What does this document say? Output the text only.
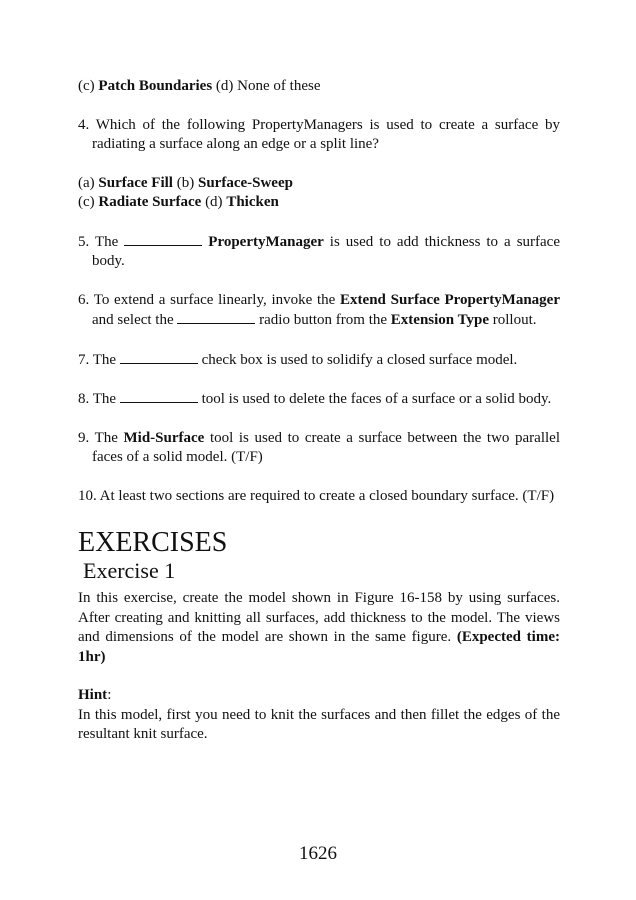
(c) Patch Boundaries (d) None of these

4. Which of the following PropertyManagers is used to create a surface by radiating a surface along an edge or a split line?

(a) Surface Fill (b) Surface-Sweep

(c) Radiate Surface (d) Thicken

5. The	PropertyManager is used to add thickness to a surface body.

6. To extend a surface linearly, invoke the Extend Surface PropertyManager and select the	radio button from the Extension Type rollout.

7. The	check box is used to solidify a closed surface model.

8. The	tool is used to delete the faces of a surface or a solid body.

9. The Mid-Surface tool is used to create a surface between the two parallel faces of a solid model. (T/F)

10. At least two sections are required to create a closed boundary surface. (T/F)

EXERCISES
Exercise 1

In this exercise, create the model shown in Figure 16-158 by using surfaces. After creating and knitting all surfaces, add thickness to the model. The views and dimensions of the model are shown in the same figure. (Expected time: 1hr)

Hint:

In this model, first you need to knit the surfaces and then fillet the edges of the resultant knit surface.

1626
